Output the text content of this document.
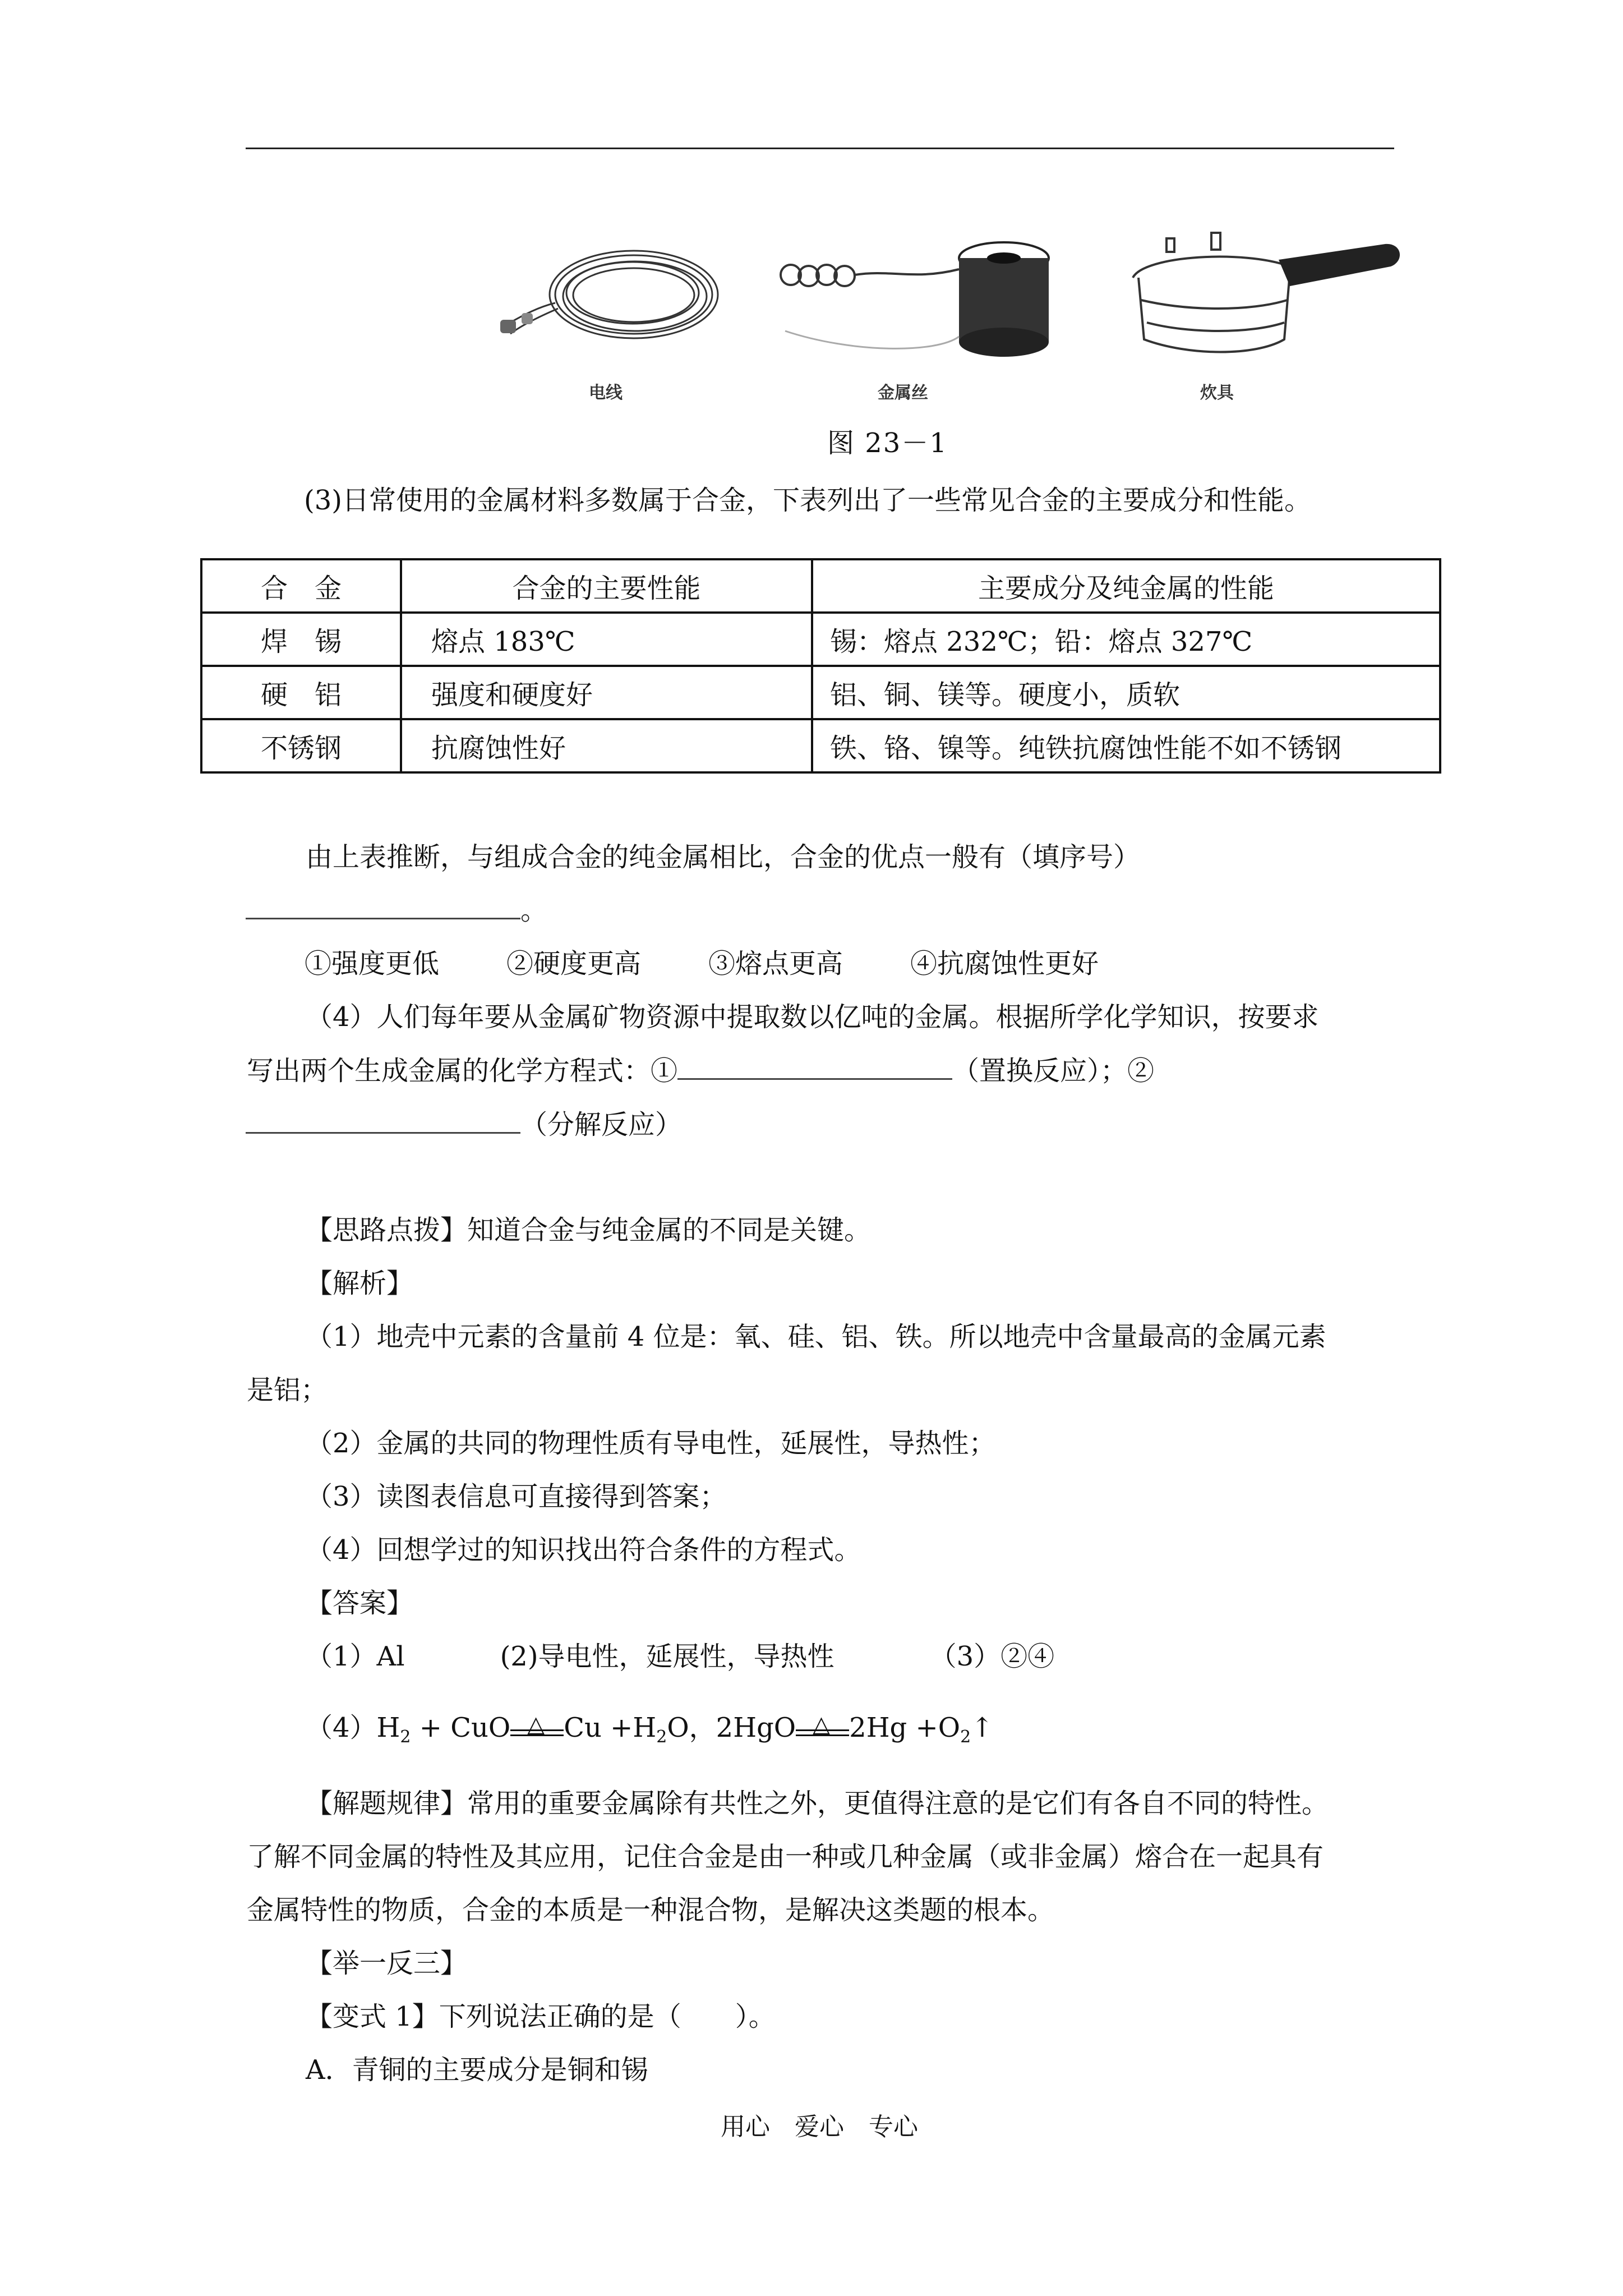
电线	金属丝	炊具
图 23－1
(3)日常使用的金属材料多数属于合金，下表列出了一些常见合金的主要成分和性能。
合　金	合金的主要性能	主要成分及纯金属的性能
焊　锡	熔点 183℃	锡：熔点 232℃；铅：熔点 327℃
硬　铝	强度和硬度好	铝、铜、镁等。硬度小，质软
不锈钢	抗腐蚀性好	铁、铬、镍等。纯铁抗腐蚀性能不如不锈钢
由上表推断，与组成合金的纯金属相比，合金的优点一般有（填序号）
。
①强度更低	②硬度更高	③熔点更高	④抗腐蚀性更好
（4）人们每年要从金属矿物资源中提取数以亿吨的金属。根据所学化学知识，按要求
写出两个生成金属的化学方程式：①	（置换反应）；②
（分解反应）
【思路点拨】知道合金与纯金属的不同是关键。
【解析】
（1）地壳中元素的含量前 4 位是：氧、硅、铝、铁。所以地壳中含量最高的金属元素
是铝；
（2）金属的共同的物理性质有导电性，延展性，导热性；
（3）读图表信息可直接得到答案；
（4）回想学过的知识找出符合条件的方程式。
【答案】
（1）Al	(2)导电性，延展性，导热性	（3）②④
$(4)H_2$ + CuO △ $Cu +H_2O$，2HgO △ $2Hg +O_2↑$
【解题规律】常用的重要金属除有共性之外，更值得注意的是它们有各自不同的特性。
了解不同金属的特性及其应用，记住合金是由一种或几种金属（或非金属）熔合在一起具有
金属特性的物质，合金的本质是一种混合物，是解决这类题的根本。
【举一反三】
【变式 1】下列说法正确的是（　　）。
A．青铜的主要成分是铜和锡
用心　爱心　专心
